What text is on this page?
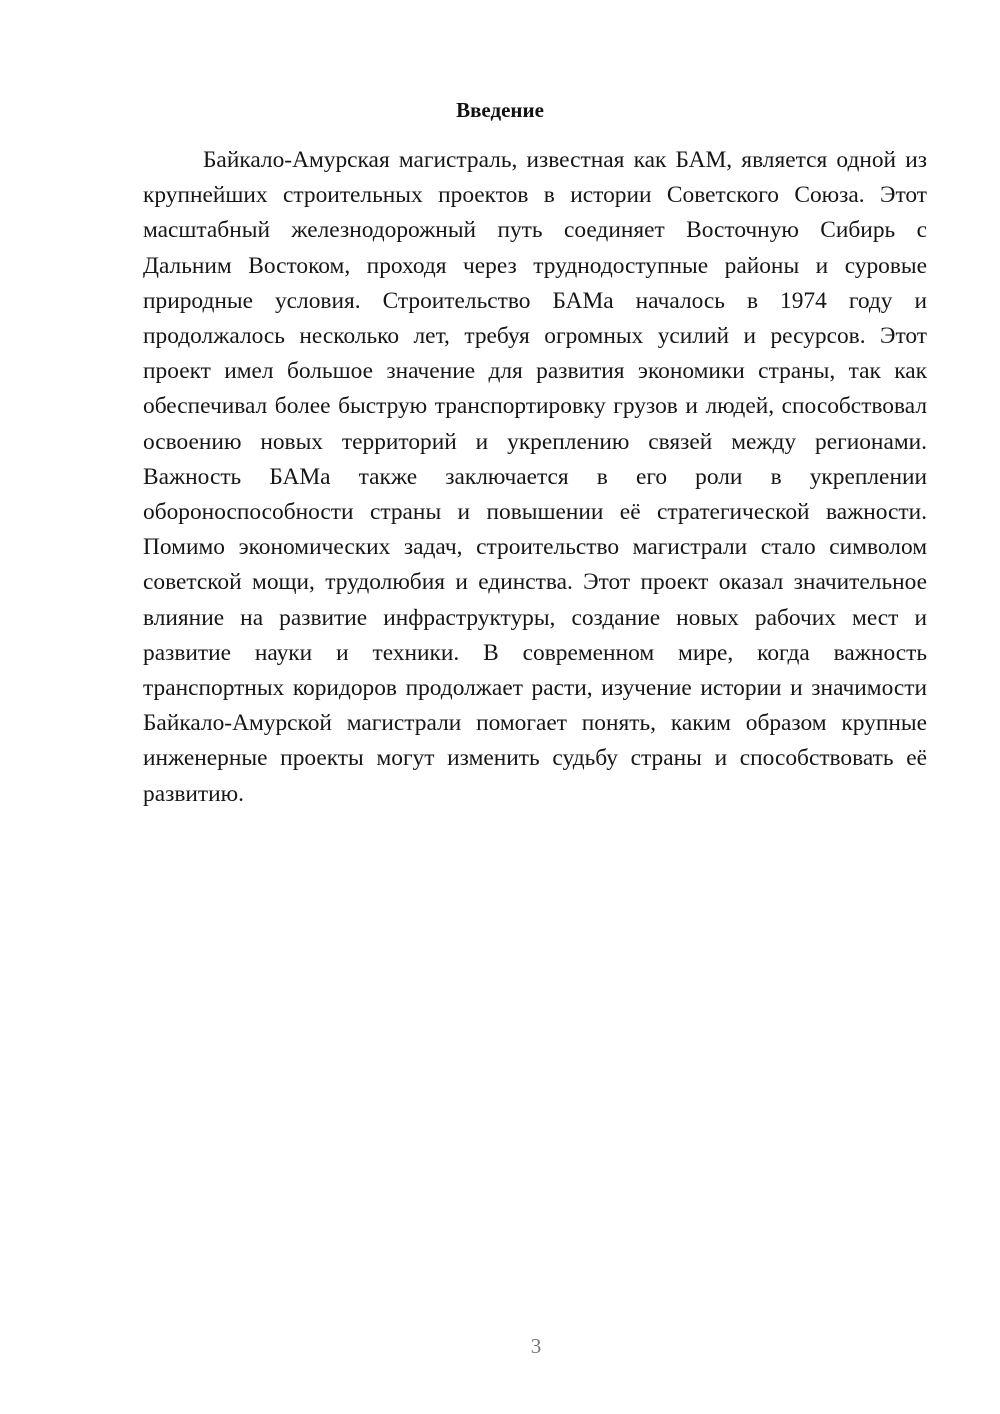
Введение

Байкало-Амурская магистраль, известная как БАМ, является одной из крупнейших строительных проектов в истории Советского Союза. Этот масштабный железнодорожный путь соединяет Восточную Сибирь с Дальним Востоком, проходя через труднодоступные районы и суровые природные условия. Строительство БАМа началось в 1974 году и продолжалось несколько лет, требуя огромных усилий и ресурсов. Этот проект имел большое значение для развития экономики страны, так как обеспечивал более быструю транспортировку грузов и людей, способствовал освоению новых территорий и укреплению связей между регионами. Важность БАМа также заключается в его роли в укреплении обороноспособности страны и повышении её стратегической важности. Помимо экономических задач, строительство магистрали стало символом советской мощи, трудолюбия и единства. Этот проект оказал значительное влияние на развитие инфраструктуры, создание новых рабочих мест и развитие науки и техники. В современном мире, когда важность транспортных коридоров продолжает расти, изучение истории и значимости Байкало-Амурской магистрали помогает понять, каким образом крупные инженерные проекты могут изменить судьбу страны и способствовать её развитию.

3
